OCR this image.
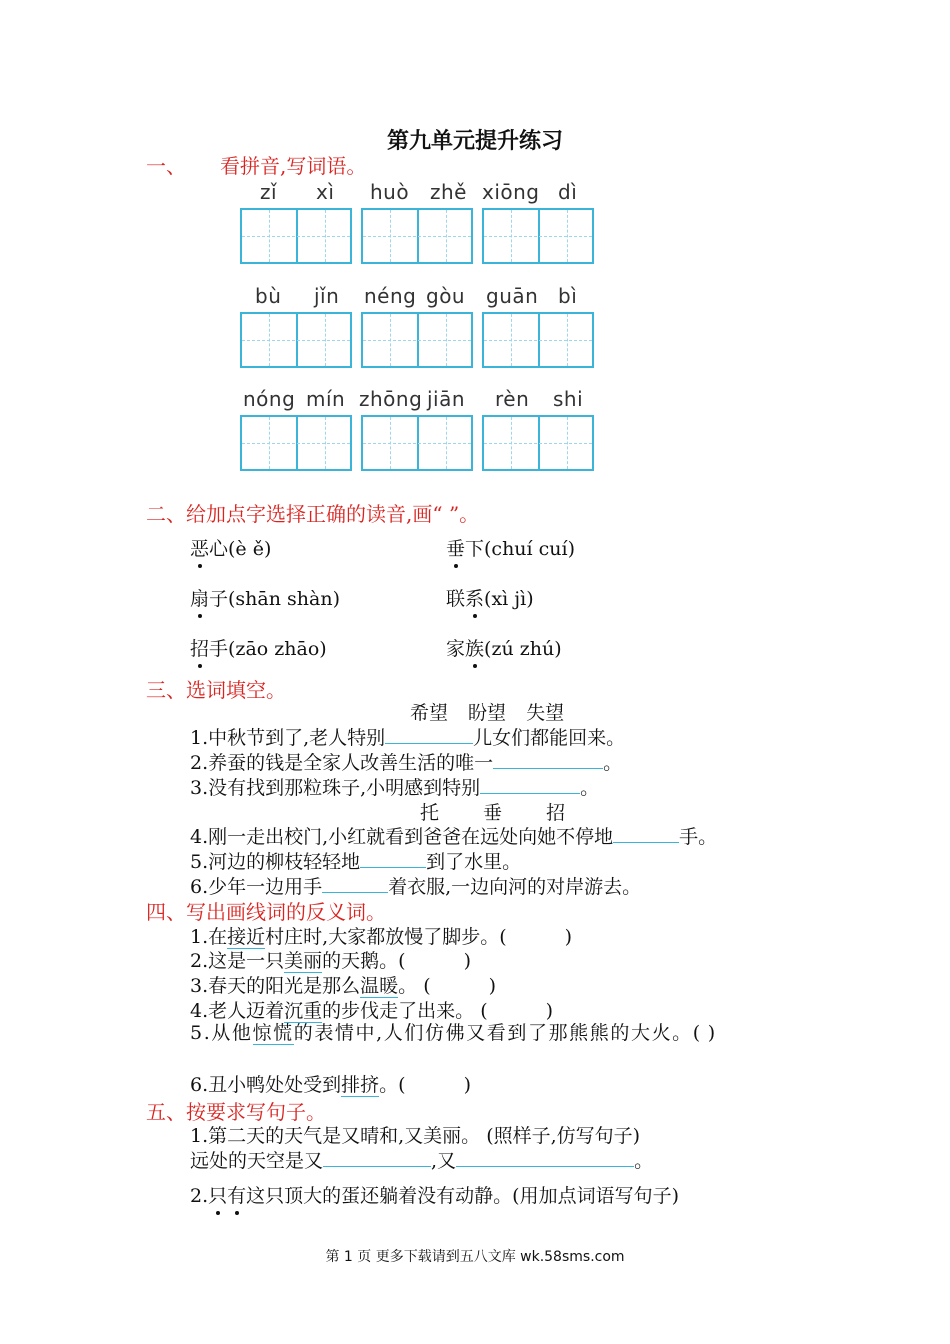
第九单元提升练习
一、 看拼音,写词语。
zǐ xì huò zhě xiōng dì
bù jǐn néng gòu guān bì
nóng mín zhōng jiān rèn shi
二、给加点字选择正确的读音,画“ ”。
恶心(è ě)	垂下(chuí cuí)
扇子(shān shàn)	联系(xì jì)
招手(zāo zhāo)	家族(zú zhú)
三、选词填空。
希望 盼望 失望
1.中秋节到了,老人特别	儿女们都能回来。
2.养蚕的钱是全家人改善生活的唯一	。
3.没有找到那粒珠子,小明感到特别	。
托 垂 招
4.刚一走出校门,小红就看到爸爸在远处向她不停地	手。
5.河边的柳枝轻轻地	到了水里。
6.少年一边用手	着衣服,一边向河的对岸游去。
四、写出画线词的反义词。
1.在接近村庄时,大家都放慢了脚步。(	)
2.这是一只美丽的天鹅。(	)
3.春天的阳光是那么温暖。 (	)
4.老人迈着沉重的步伐走了出来。 (	)
5.从他惊慌的表情中,人们仿佛又看到了那熊熊的大火。( )
6.丑小鸭处处受到排挤。(	)
五、按要求写句子。
1.第二天的天气是又晴和,又美丽。 (照样子,仿写句子)
远处的天空是又	,又	。
2.只有这只顶大的蛋还躺着没有动静。(用加点词语写句子)
第 1 页 更多下载请到五八文库 wk.58sms.com
